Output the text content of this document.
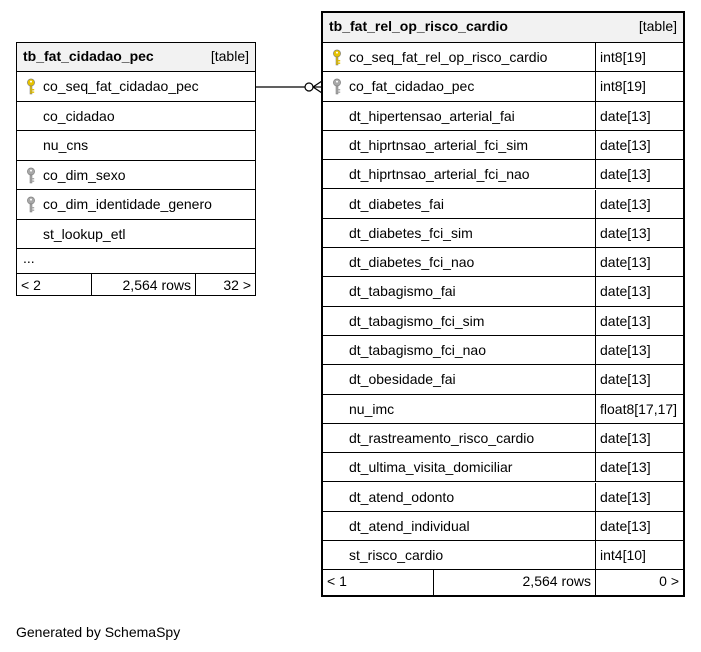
tb_fat_cidadao_pec	[table]
co_seq_fat_cidadao_pec
co_cidadao
nu_cns
co_dim_sexo
co_dim_identidade_genero
st_lookup_etl
...
< 2	2,564 rows 32 >
tb_fat_rel_op_risco_cardio	[table]
co_seq_fat_rel_op_risco_cardio	int8[19]
co_fat_cidadao_pec	int8[19]
dt_hipertensao_arterial_fai	date[13]
dt_hiprtnsao_arterial_fci_sim	date[13]
dt_hiprtnsao_arterial_fci_nao	date[13]
dt_diabetes_fai	date[13]
dt_diabetes_fci_sim	date[13]
dt_diabetes_fci_nao	date[13]
dt_tabagismo_fai	date[13]
dt_tabagismo_fci_sim	date[13]
dt_tabagismo_fci_nao	date[13]
dt_obesidade_fai	date[13]
nu_imc	float8[17,17]
dt_rastreamento_risco_cardio	date[13]
dt_ultima_visita_domiciliar	date[13]
dt_atend_odonto	date[13]
dt_atend_individual	date[13]
st_risco_cardio	int4[10]
< 1	2,564 rows	0 >
Generated by SchemaSpy
